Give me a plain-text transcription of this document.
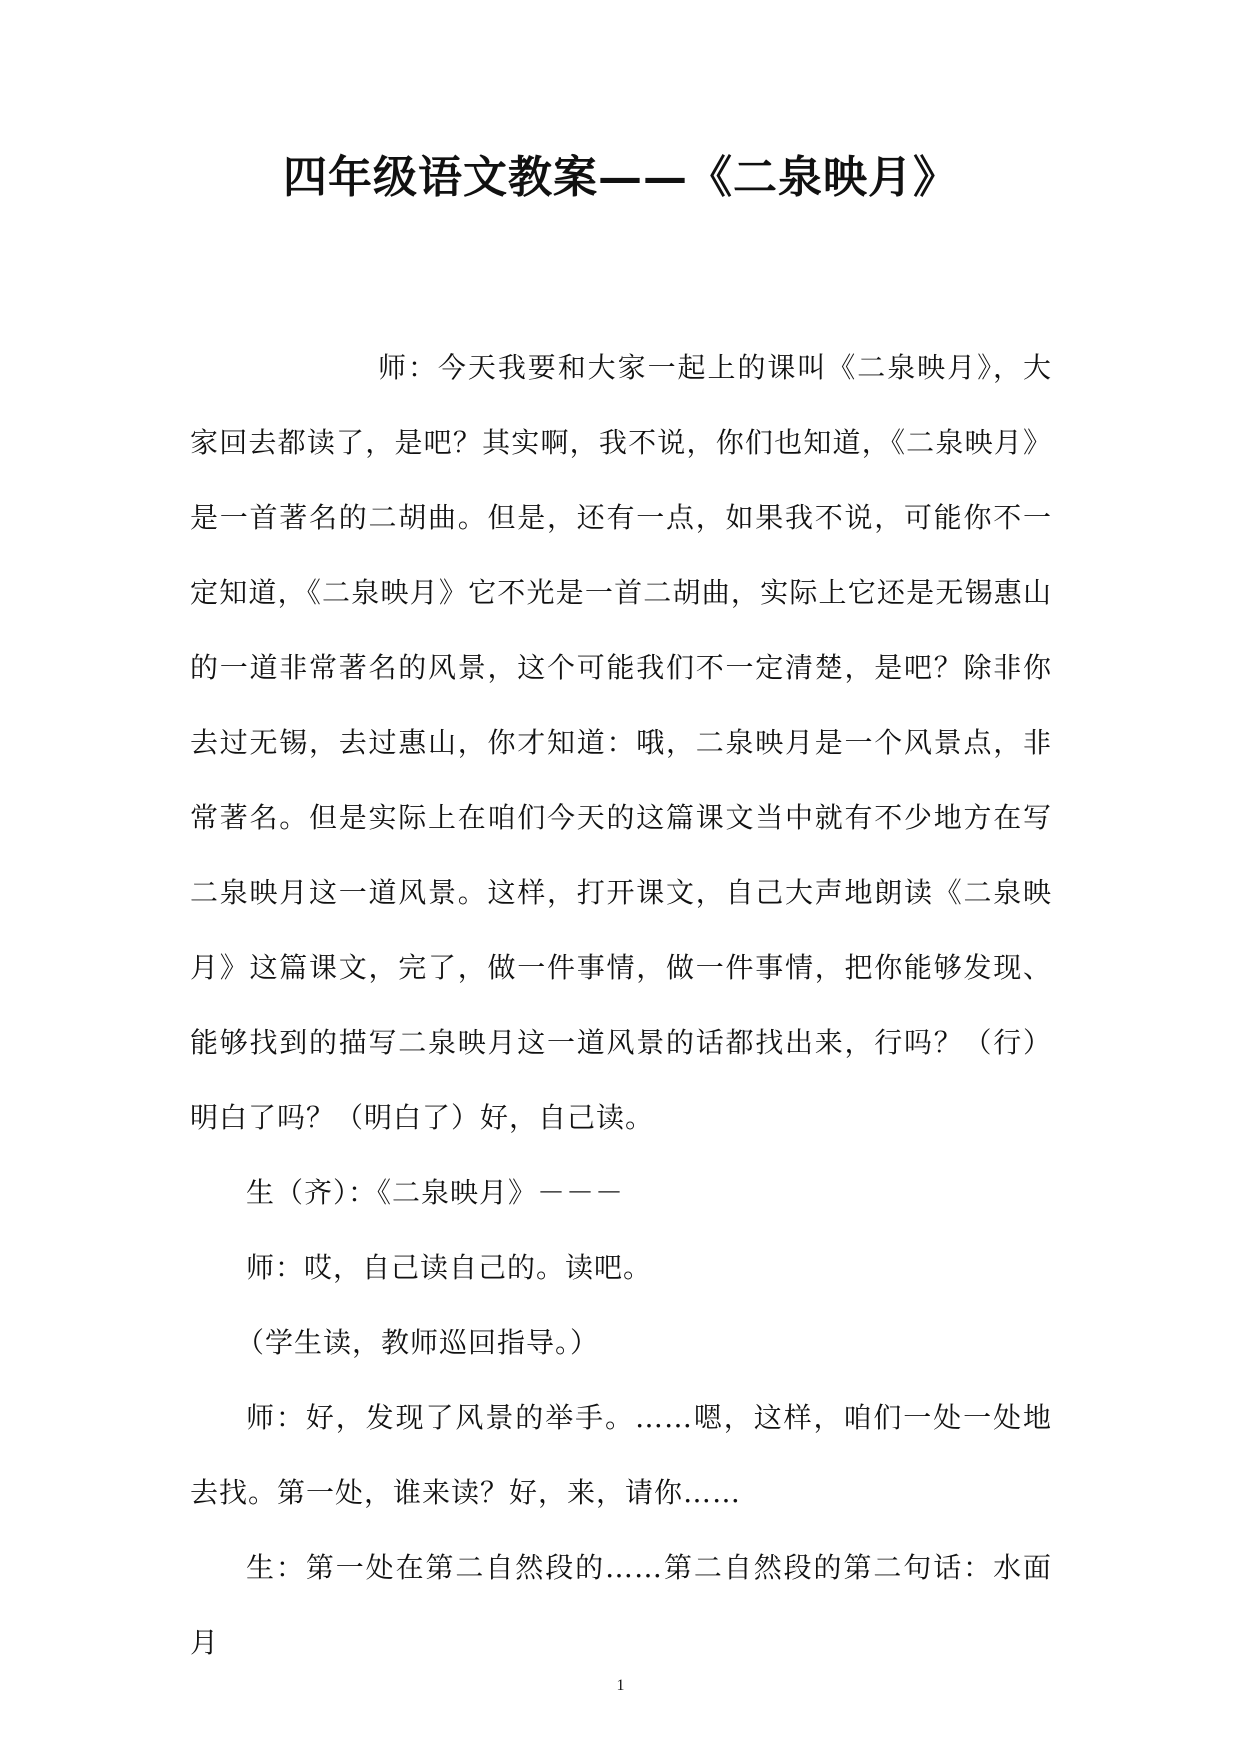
四年级语文教案——《二泉映月》

师：今天我要和大家一起上的课叫《二泉映月》，大家回去都读了，是吧？其实啊，我不说，你们也知道，《二泉映月》是一首著名的二胡曲。但是，还有一点，如果我不说，可能你不一定知道，《二泉映月》它不光是一首二胡曲，实际上它还是无锡惠山的一道非常著名的风景，这个可能我们不一定清楚，是吧？除非你去过无锡，去过惠山，你才知道：哦，二泉映月是一个风景点，非常著名。但是实际上在咱们今天的这篇课文当中就有不少地方在写二泉映月这一道风景。这样，打开课文，自己大声地朗读《二泉映月》这篇课文，完了，做一件事情，做一件事情，把你能够发现、能够找到的描写二泉映月这一道风景的话都找出来，行吗？（行）明白了吗？（明白了）好，自己读。

生（齐）：《二泉映月》－－－

师：哎，自己读自己的。读吧。

（学生读，教师巡回指导。）

师：好，发现了风景的举手。……嗯，这样，咱们一处一处地去找。第一处，谁来读？好，来，请你……

生：第一处在第二自然段的……第二自然段的第二句话：水面月

1
